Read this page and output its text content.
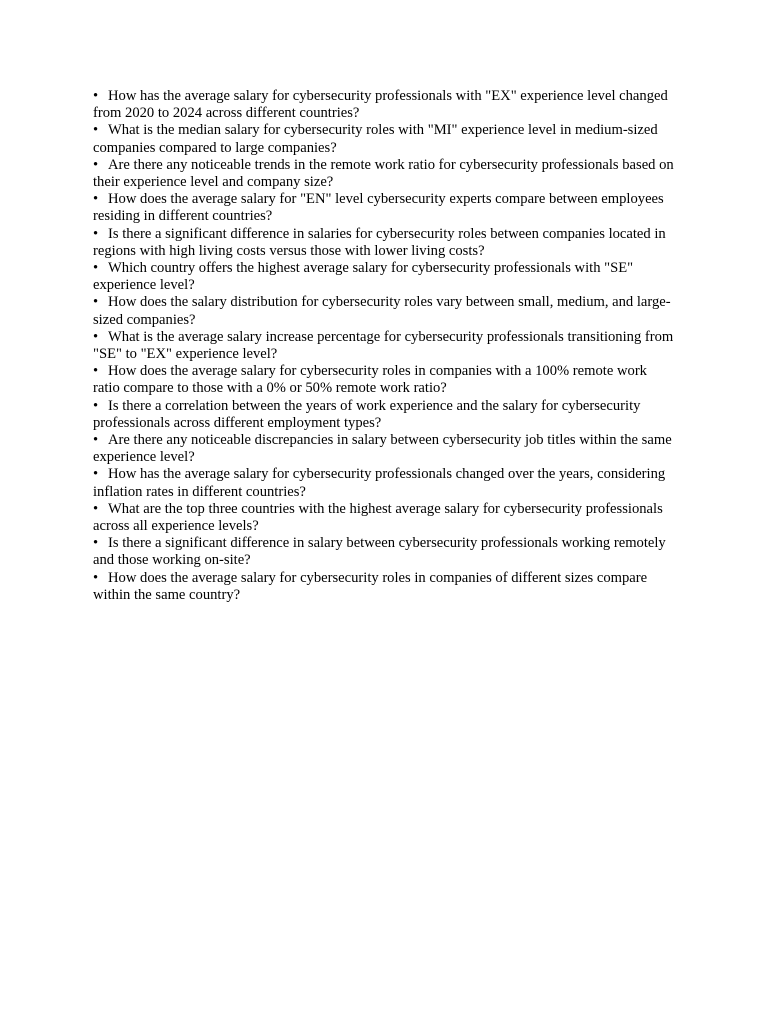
• How has the average salary for cybersecurity professionals with "EX" experience level changed from 2020 to 2024 across different countries?
• What is the median salary for cybersecurity roles with "MI" experience level in medium-sized companies compared to large companies?
• Are there any noticeable trends in the remote work ratio for cybersecurity professionals based on their experience level and company size?
• How does the average salary for "EN" level cybersecurity experts compare between employees residing in different countries?
• Is there a significant difference in salaries for cybersecurity roles between companies located in regions with high living costs versus those with lower living costs?
• Which country offers the highest average salary for cybersecurity professionals with "SE" experience level?
• How does the salary distribution for cybersecurity roles vary between small, medium, and large-sized companies?
• What is the average salary increase percentage for cybersecurity professionals transitioning from "SE" to "EX" experience level?
• How does the average salary for cybersecurity roles in companies with a 100% remote work ratio compare to those with a 0% or 50% remote work ratio?
• Is there a correlation between the years of work experience and the salary for cybersecurity professionals across different employment types?
• Are there any noticeable discrepancies in salary between cybersecurity job titles within the same experience level?
• How has the average salary for cybersecurity professionals changed over the years, considering inflation rates in different countries?
• What are the top three countries with the highest average salary for cybersecurity professionals across all experience levels?
• Is there a significant difference in salary between cybersecurity professionals working remotely and those working on-site?
• How does the average salary for cybersecurity roles in companies of different sizes compare within the same country?
